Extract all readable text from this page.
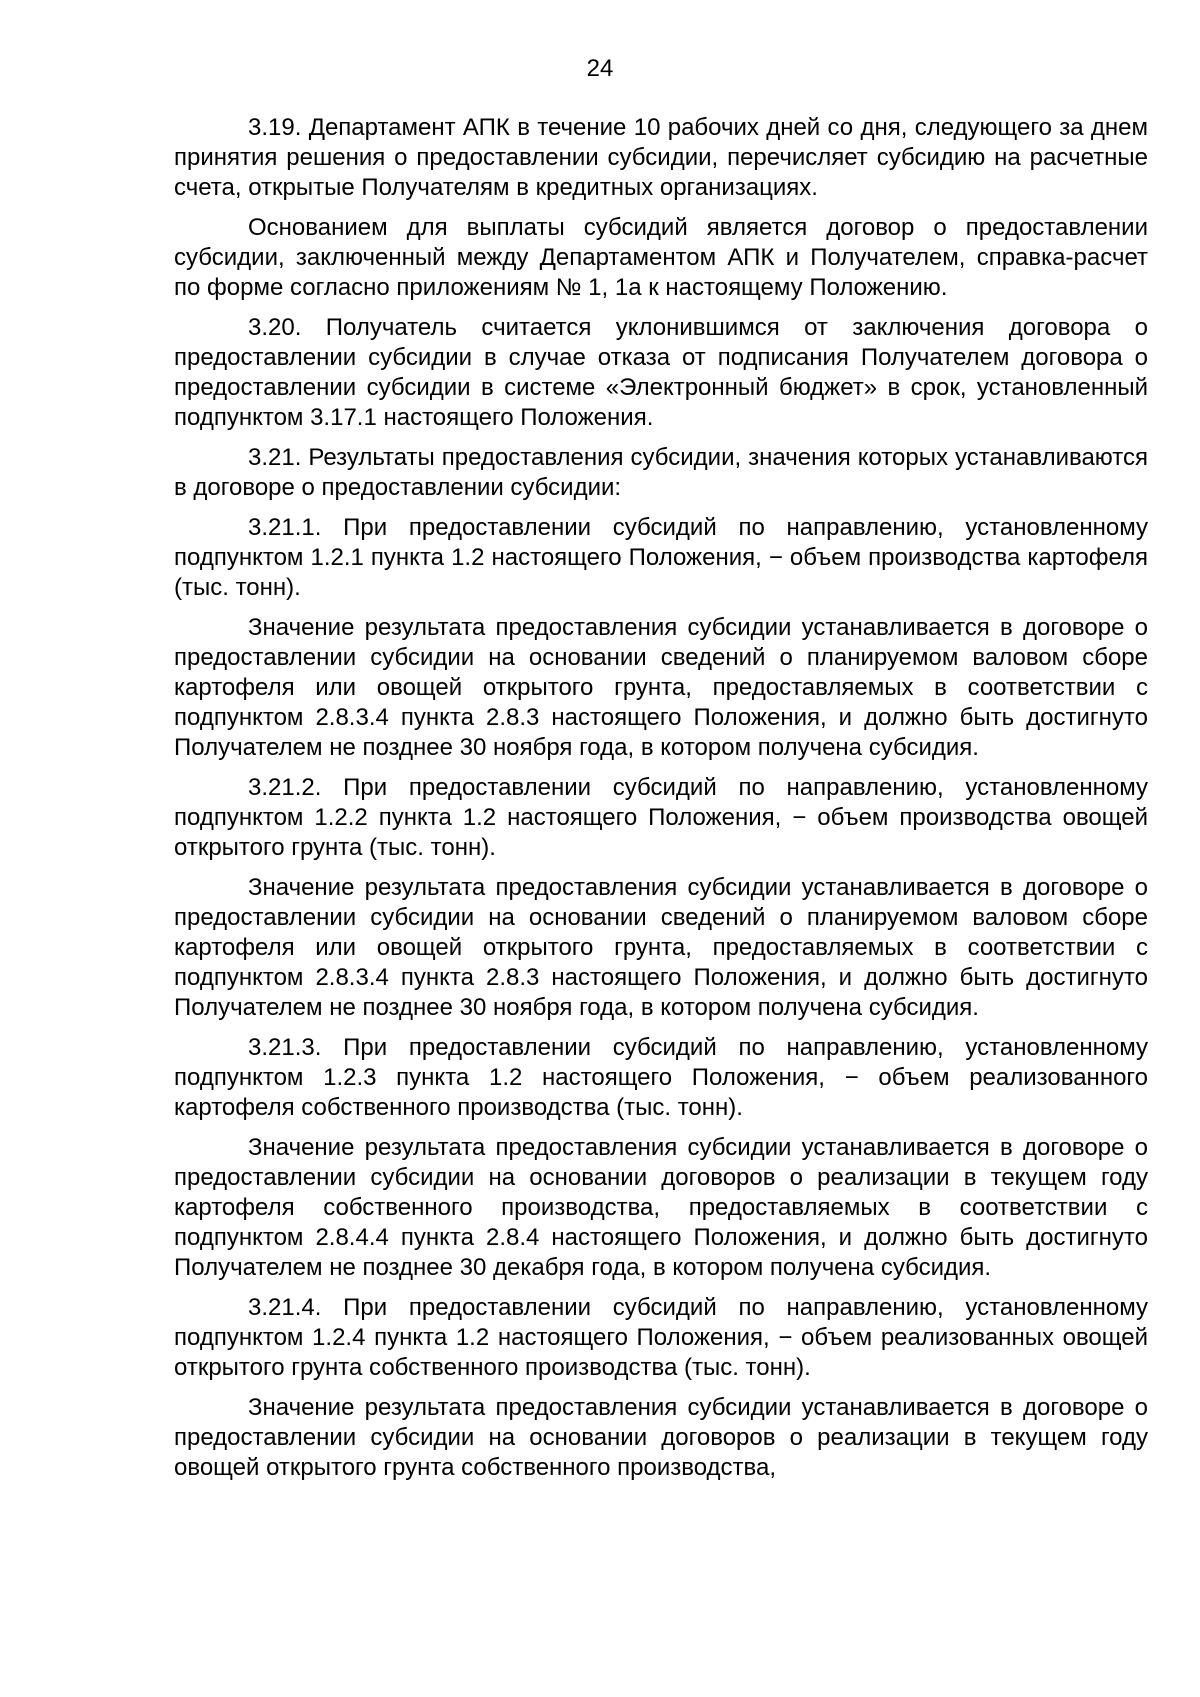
24

3.19. Департамент АПК в течение 10 рабочих дней со дня, следующего за днем принятия решения о предоставлении субсидии, перечисляет субсидию на расчетные счета, открытые Получателям в кредитных организациях.

Основанием для выплаты субсидий является договор о предоставлении субсидии, заключенный между Департаментом АПК и Получателем, справка-расчет по форме согласно приложениям № 1, 1а к настоящему Положению.

3.20. Получатель считается уклонившимся от заключения договора о предоставлении субсидии в случае отказа от подписания Получателем договора о предоставлении субсидии в системе «Электронный бюджет» в срок, установленный подпунктом 3.17.1 настоящего Положения.

3.21. Результаты предоставления субсидии, значения которых устанавливаются в договоре о предоставлении субсидии:

3.21.1. При предоставлении субсидий по направлению, установленному подпунктом 1.2.1 пункта 1.2 настоящего Положения, − объем производства картофеля (тыс. тонн).

Значение результата предоставления субсидии устанавливается в договоре о предоставлении субсидии на основании сведений о планируемом валовом сборе картофеля или овощей открытого грунта, предоставляемых в соответствии с подпунктом 2.8.3.4 пункта 2.8.3 настоящего Положения, и должно быть достигнуто Получателем не позднее 30 ноября года, в котором получена субсидия.

3.21.2. При предоставлении субсидий по направлению, установленному подпунктом 1.2.2 пункта 1.2 настоящего Положения, − объем производства овощей открытого грунта (тыс. тонн).

Значение результата предоставления субсидии устанавливается в договоре о предоставлении субсидии на основании сведений о планируемом валовом сборе картофеля или овощей открытого грунта, предоставляемых в соответствии с подпунктом 2.8.3.4 пункта 2.8.3 настоящего Положения, и должно быть достигнуто Получателем не позднее 30 ноября года, в котором получена субсидия.

3.21.3. При предоставлении субсидий по направлению, установленному подпунктом 1.2.3 пункта 1.2 настоящего Положения, − объем реализованного картофеля собственного производства (тыс. тонн).

Значение результата предоставления субсидии устанавливается в договоре о предоставлении субсидии на основании договоров о реализации в текущем году картофеля собственного производства, предоставляемых в соответствии с подпунктом 2.8.4.4 пункта 2.8.4 настоящего Положения, и должно быть достигнуто Получателем не позднее 30 декабря года, в котором получена субсидия.

3.21.4. При предоставлении субсидий по направлению, установленному подпунктом 1.2.4 пункта 1.2 настоящего Положения, − объем реализованных овощей открытого грунта собственного производства (тыс. тонн).

Значение результата предоставления субсидии устанавливается в договоре о предоставлении субсидии на основании договоров о реализации в текущем году овощей открытого грунта собственного производства,
